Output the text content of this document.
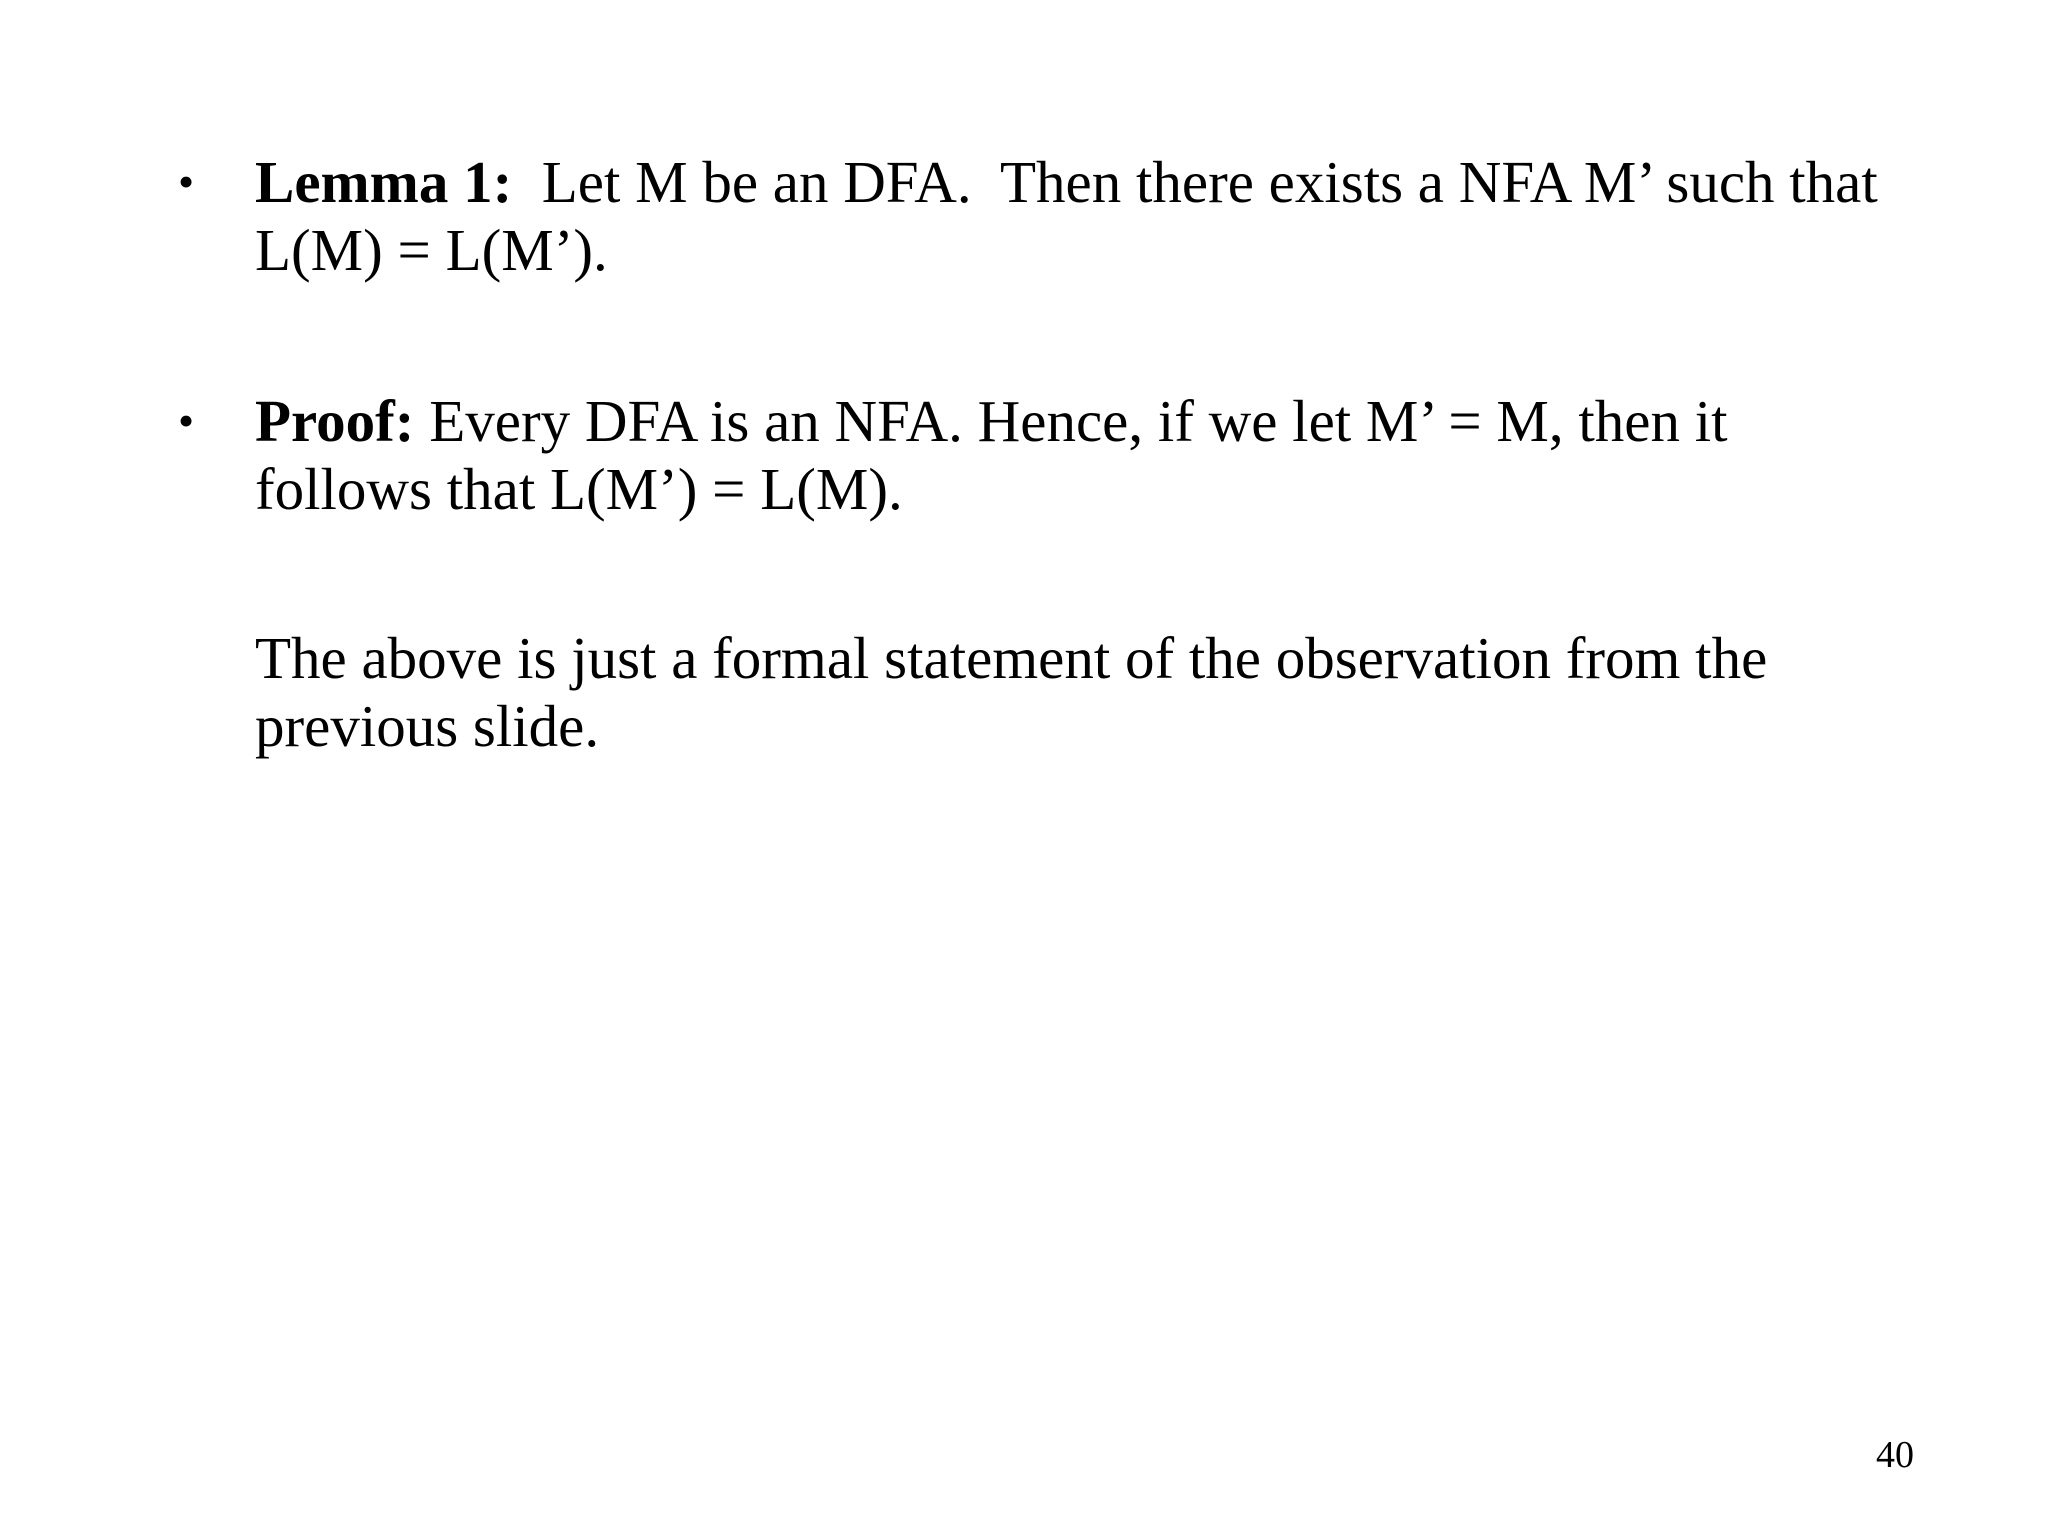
• Lemma 1:  Let M be an DFA.  Then there exists a NFA M’ such that L(M) = L(M’).
• Proof: Every DFA is an NFA. Hence, if we let M’ = M, then it follows that L(M’) = L(M).
The above is just a formal statement of the observation from the previous slide.
40
